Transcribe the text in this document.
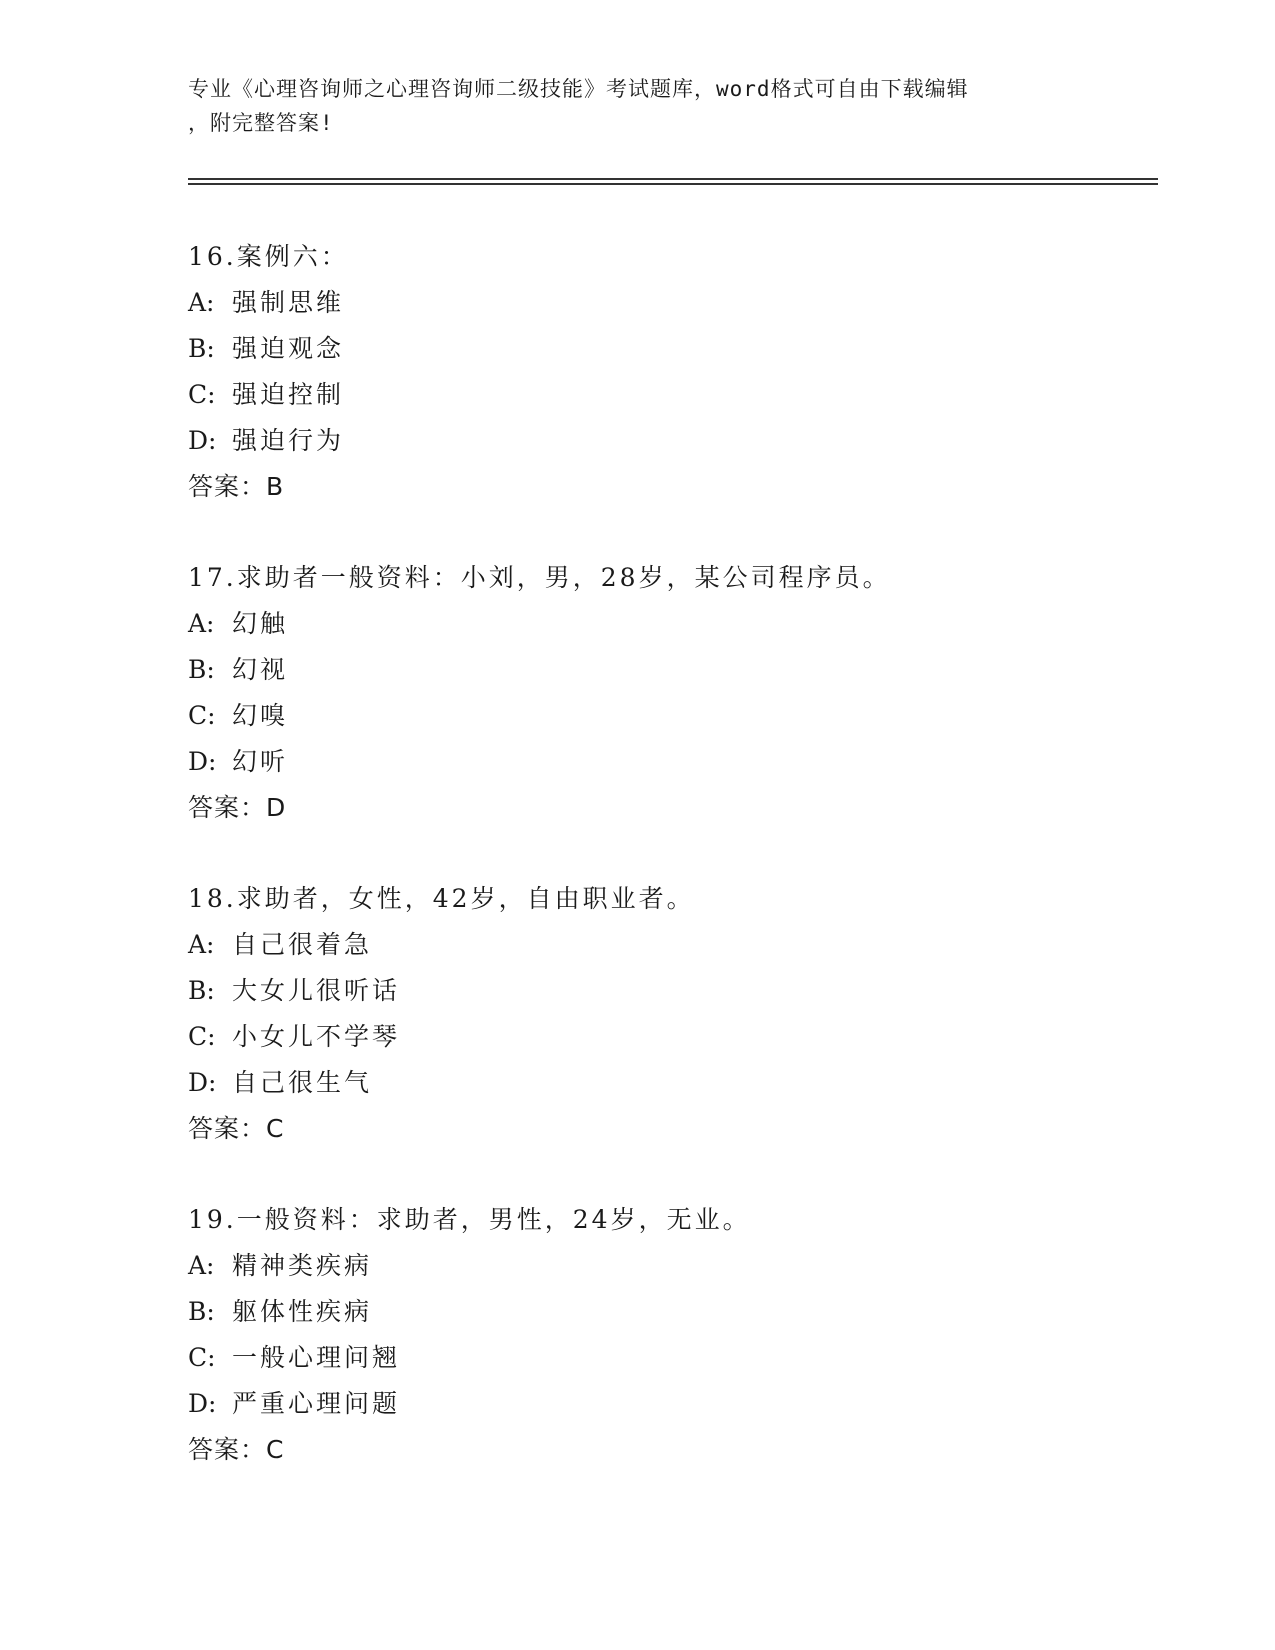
专业《心理咨询师之心理咨询师二级技能》考试题库，word格式可自由下载编辑
，附完整答案!
16.案例六：
A: 强制思维
B: 强迫观念
C: 强迫控制
D: 强迫行为
答案：B
17.求助者一般资料：小刘，男，28岁，某公司程序员。
A: 幻触
B: 幻视
C: 幻嗅
D: 幻听
答案：D
18.求助者，女性，42岁，自由职业者。
A: 自己很着急
B: 大女儿很听话
C: 小女儿不学琴
D: 自己很生气
答案：C
19.一般资料：求助者，男性，24岁，无业。
A: 精神类疾病
B: 躯体性疾病
C: 一般心理问翘
D: 严重心理问题
答案：C
